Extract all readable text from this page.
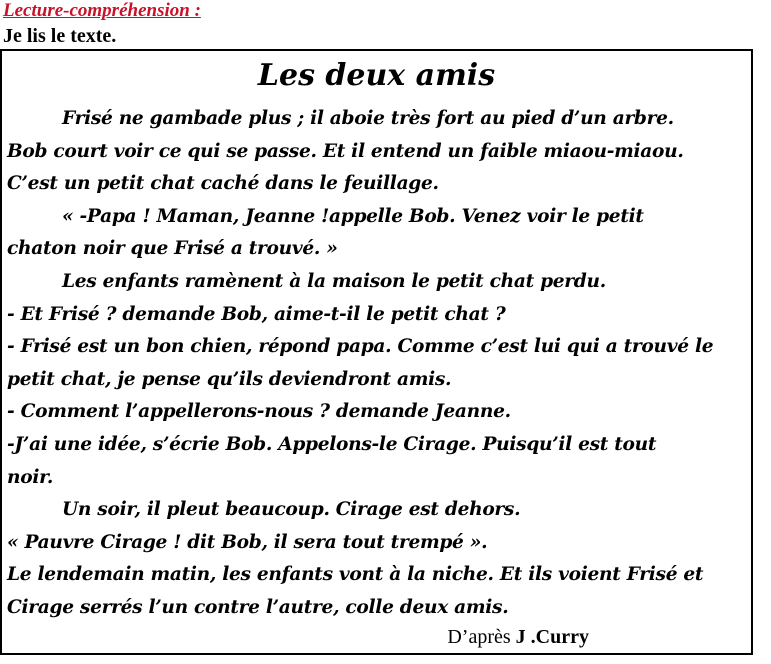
Lecture-compréhension :
Je lis le texte.
Les deux amis
Frisé ne gambade plus ; il aboie très fort au pied d’un arbre.
Bob court voir ce qui se passe. Et il entend un faible miaou-miaou.
C’est un petit chat caché dans le feuillage.
« -Papa ! Maman, Jeanne !appelle Bob. Venez voir le petit
chaton noir que Frisé a trouvé. »
Les enfants ramènent à la maison le petit chat perdu.
- Et Frisé ? demande Bob, aime-t-il le petit chat ?
- Frisé est un bon chien, répond papa. Comme c’est lui qui a trouvé le
petit chat, je pense qu’ils deviendront amis.
- Comment l’appellerons-nous ? demande Jeanne.
-J’ai une idée, s’écrie Bob. Appelons-le Cirage. Puisqu’il est tout
noir.
Un soir, il pleut beaucoup. Cirage est dehors.
« Pauvre Cirage ! dit Bob, il sera tout trempé ».
Le lendemain matin, les enfants vont à la niche. Et ils voient Frisé et
Cirage serrés l’un contre l’autre, colle deux amis.
D’après J .Curry
